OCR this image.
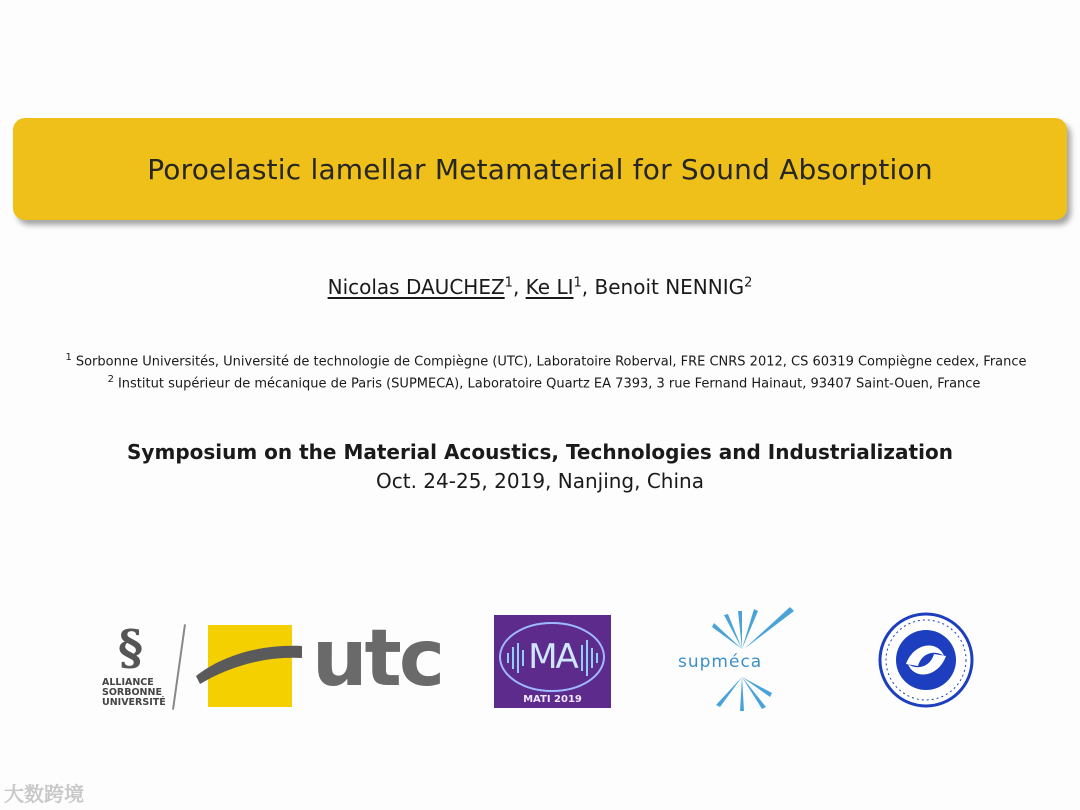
Poroelastic lamellar Metamaterial for Sound Absorption
Nicolas DAUCHEZ$^1$, Ke $LI^1$, Benoit NENNIG$^2$
$^1$ Sorbonne Universités, Université de technologie de Compiègne (UTC), Laboratoire Roberval, FRE CNRS 2012, CS 60319 Compiègne cedex, France
$^2$ Institut supérieur de mécanique de Paris (SUPMECA), Laboratoire Quartz EA 7393, 3 rue Fernand Hainaut, 93407 Saint-Ouen, France
Symposium on the Material Acoustics, Technologies and Industrialization
Oct. 24-25, 2019, Nanjing, China
§
ALLIANCE
SORBONNE
UNIVERSITÉ utc	MA
MATI 2019
supméca
大数跨境
